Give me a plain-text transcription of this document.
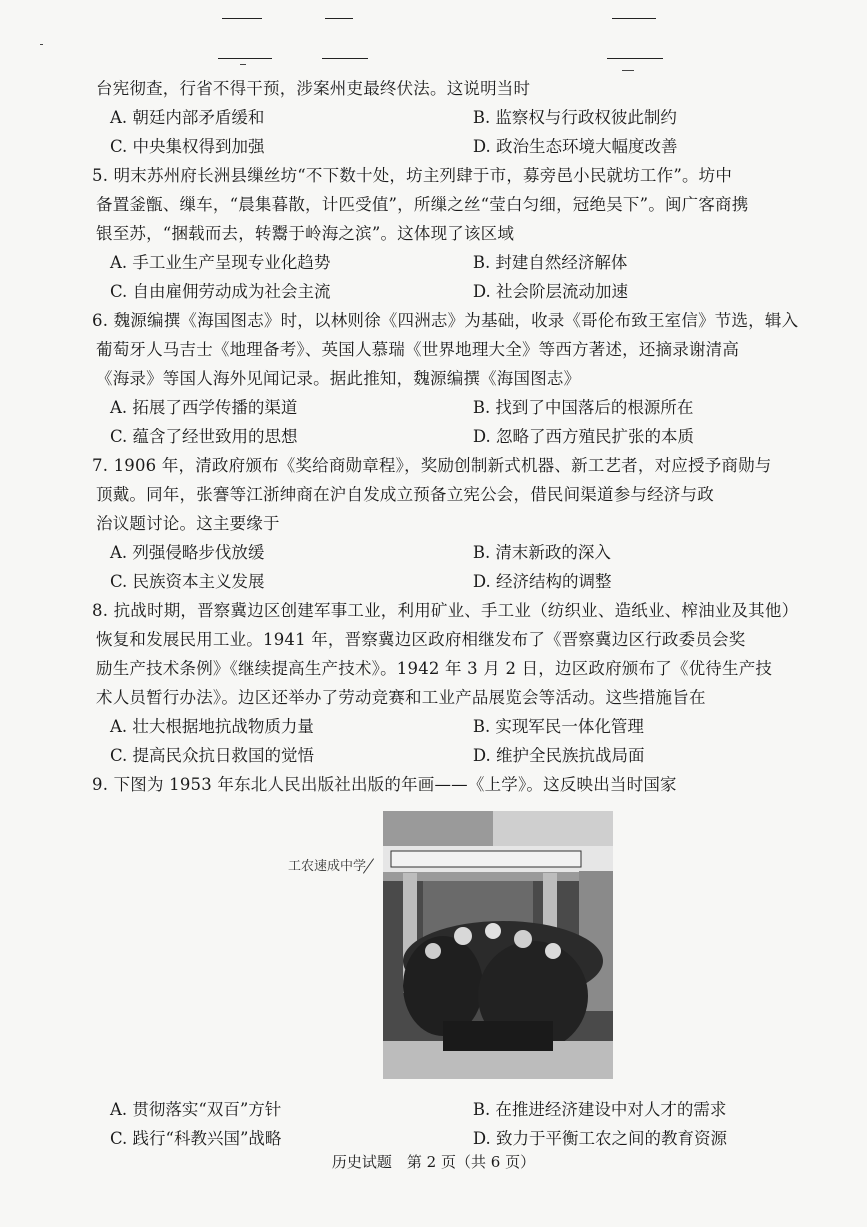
台宪彻查，行省不得干预，涉案州吏最终伏法。这说明当时
A. 朝廷内部矛盾缓和	B. 监察权与行政权彼此制约
C. 中央集权得到加强	D. 政治生态环境大幅度改善
5. 明末苏州府长洲县缫丝坊“不下数十处，坊主列肆于市，募旁邑小民就坊工作”。坊中
备置釜甑、缫车，“晨集暮散，计匹受值”，所缫之丝“莹白匀细，冠绝吴下”。闽广客商携
银至苏，“捆载而去，转鬻于岭海之滨”。这体现了该区域
A. 手工业生产呈现专业化趋势	B. 封建自然经济解体
C. 自由雇佣劳动成为社会主流	D. 社会阶层流动加速
6. 魏源编撰《海国图志》时，以林则徐《四洲志》为基础，收录《哥伦布致王室信》节选，辑入
葡萄牙人马吉士《地理备考》、英国人慕瑞《世界地理大全》等西方著述，还摘录谢清高
《海录》等国人海外见闻记录。据此推知，魏源编撰《海国图志》
A. 拓展了西学传播的渠道	B. 找到了中国落后的根源所在
C. 蕴含了经世致用的思想	D. 忽略了西方殖民扩张的本质
7. 1906 年，清政府颁布《奖给商勋章程》，奖励创制新式机器、新工艺者，对应授予商勋与
顶戴。同年，张謇等江浙绅商在沪自发成立预备立宪公会，借民间渠道参与经济与政
治议题讨论。这主要缘于
A. 列强侵略步伐放缓	B. 清末新政的深入
C. 民族资本主义发展	D. 经济结构的调整
8. 抗战时期，晋察冀边区创建军事工业，利用矿业、手工业（纺织业、造纸业、榨油业及其他）
恢复和发展民用工业。1941 年，晋察冀边区政府相继发布了《晋察冀边区行政委员会奖
励生产技术条例》《继续提高生产技术》。1942 年 3 月 2 日，边区政府颁布了《优待生产技
术人员暂行办法》。边区还举办了劳动竞赛和工业产品展览会等活动。这些措施旨在
A. 壮大根据地抗战物质力量	B. 实现军民一体化管理
C. 提高民众抗日救国的觉悟	D. 维护全民族抗战局面
9. 下图为 1953 年东北人民出版社出版的年画——《上学》。这反映出当时国家
工农速成中学
A. 贯彻落实“双百”方针	B. 在推进经济建设中对人才的需求
C. 践行“科教兴国”战略	D. 致力于平衡工农之间的教育资源
历史试题　第 2 页（共 6 页）
